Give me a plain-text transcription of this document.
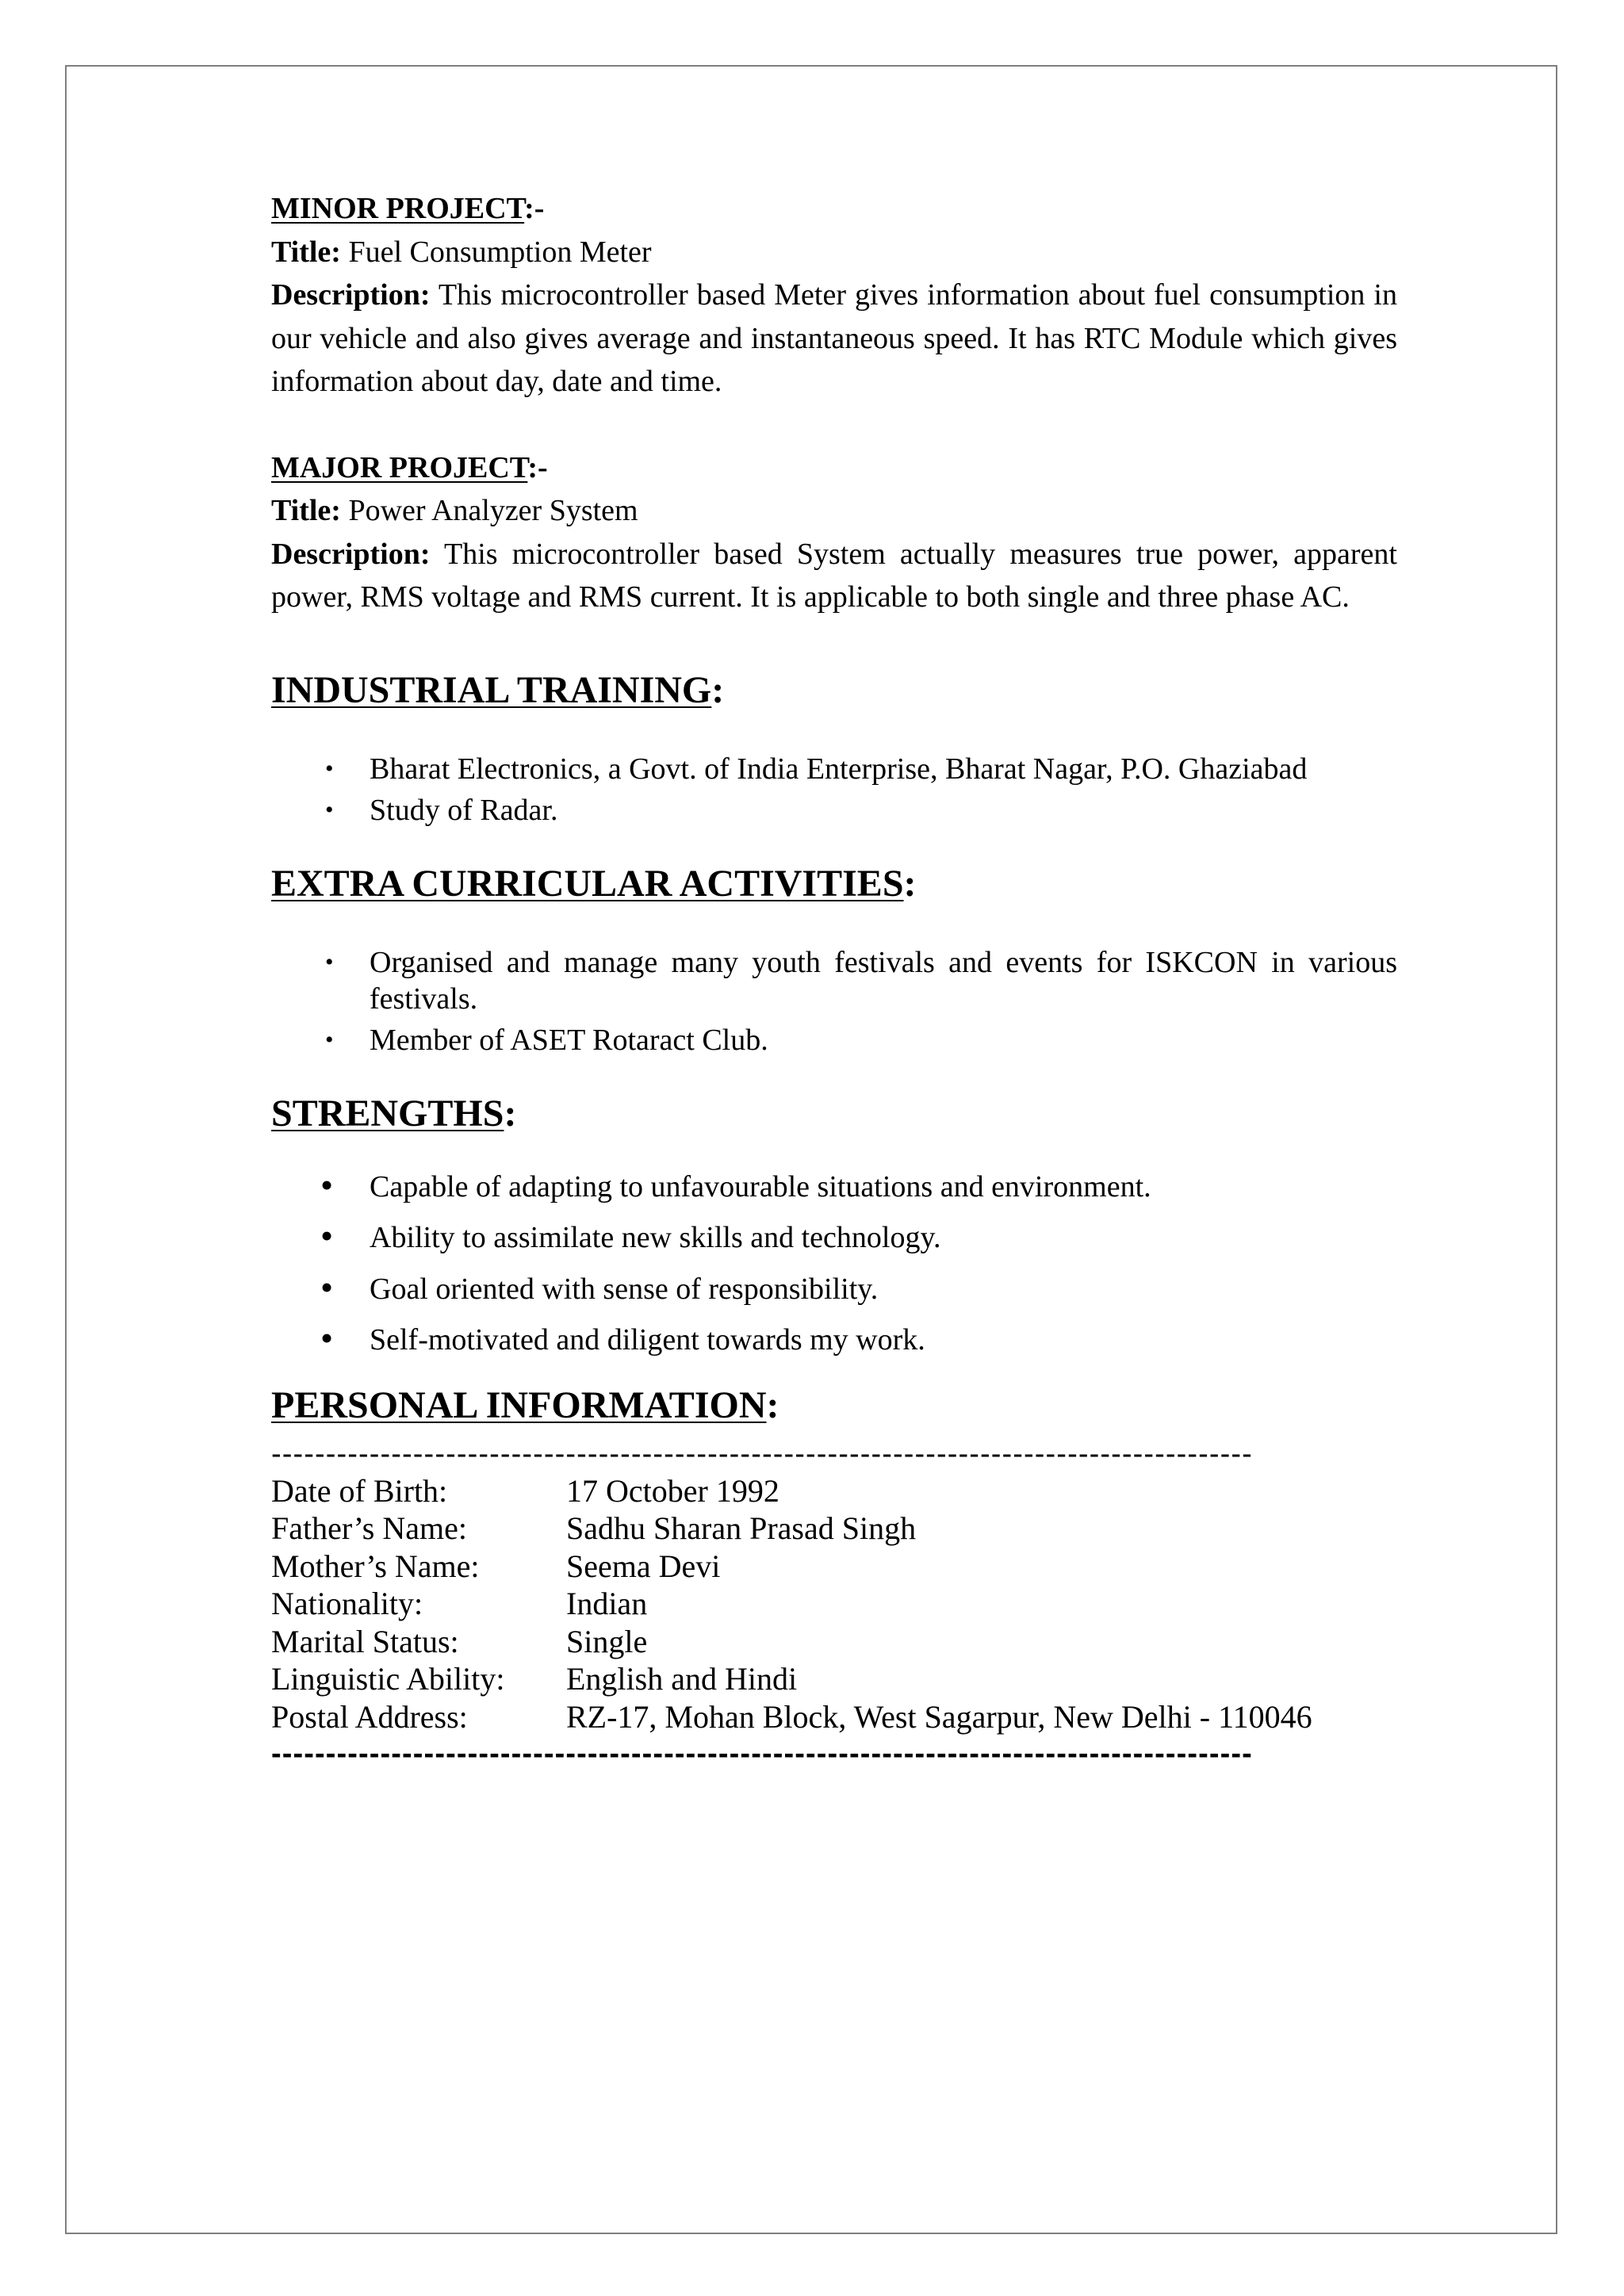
MINOR PROJECT:-

Title: Fuel Consumption Meter

Description: This microcontroller based Meter gives information about fuel consumption in our vehicle and also gives average and instantaneous speed. It has RTC Module which gives information about day, date and time.

MAJOR PROJECT:-

Title: Power Analyzer System

Description: This microcontroller based System actually measures true power, apparent power, RMS voltage and RMS current. It is applicable to both single and three phase AC.

INDUSTRIAL TRAINING:

• Bharat Electronics, a Govt. of India Enterprise, Bharat Nagar, P.O. Ghaziabad
• Study of Radar.

EXTRA CURRICULAR ACTIVITIES:

• Organised and manage many youth festivals and events for ISKCON in various festivals.
• Member of ASET Rotaract Club.

STRENGTHS:

• Capable of adapting to unfavourable situations and environment.
• Ability to assimilate new skills and technology.
• Goal oriented with sense of responsibility.
• Self-motivated and diligent towards my work.

PERSONAL INFORMATION:

------------------------------------------------------------------------------------------
Date of Birth:	17 October 1992
Father’s Name:	Sadhu Sharan Prasad Singh
Mother’s Name:	Seema Devi
Nationality:	Indian
Marital Status:	Single
Linguistic Ability:	English and Hindi
Postal Address:	RZ-17, Mohan Block, West Sagarpur, New Delhi - 110046
------------------------------------------------------------------------------------------
